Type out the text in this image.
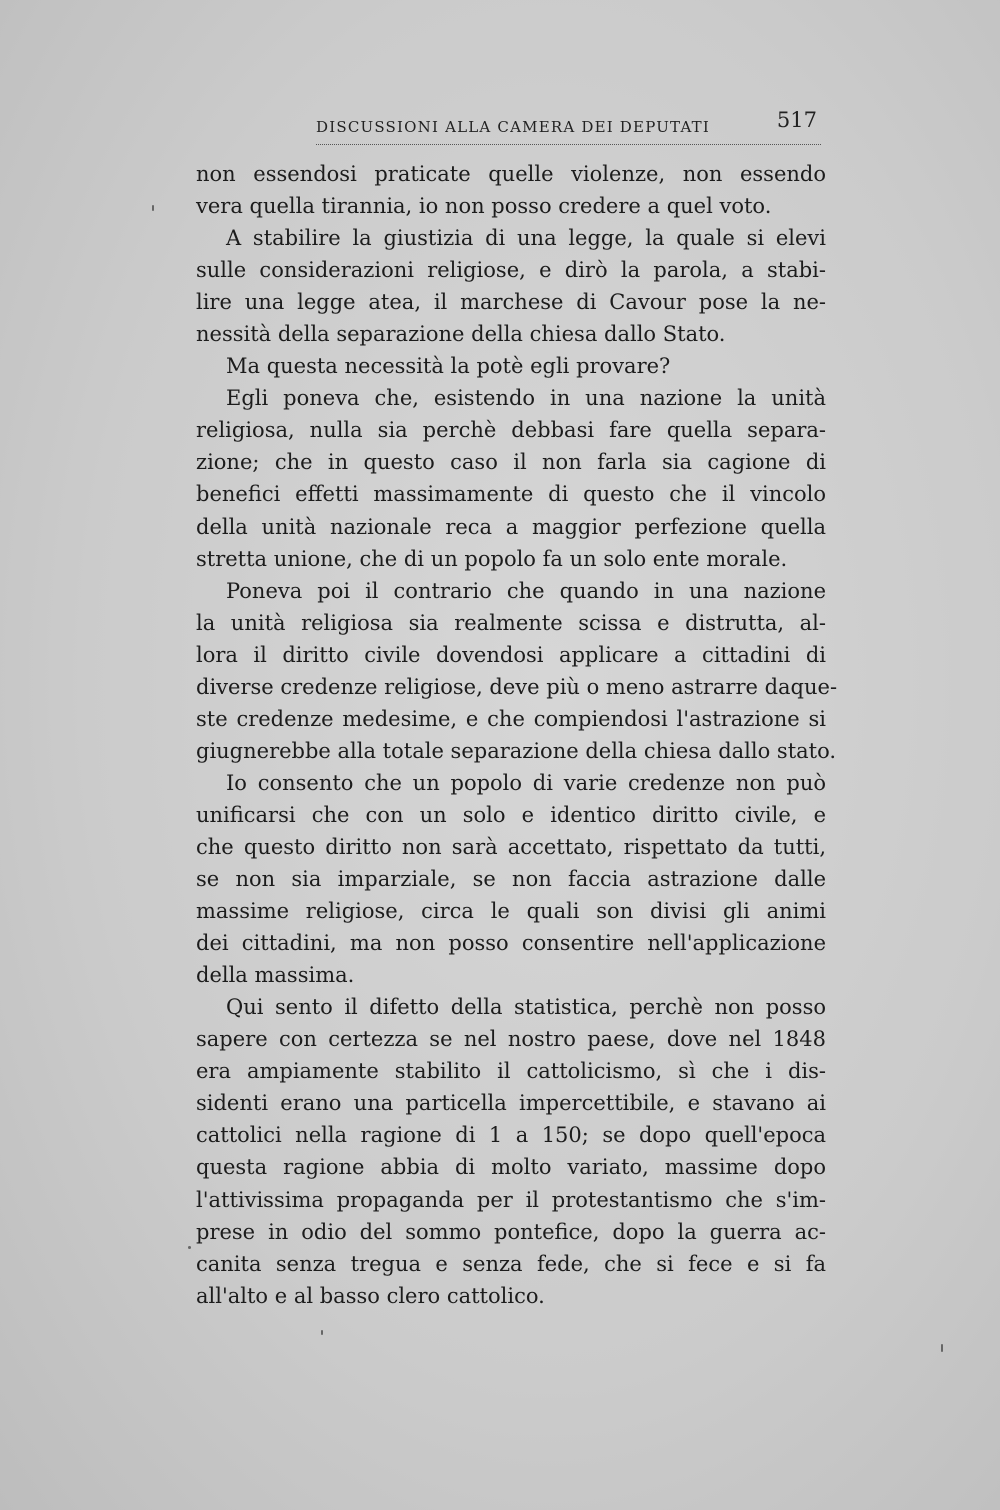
DISCUSSIONI ALLA CAMERA DEI DEPUTATI	517
non essendosi praticate quelle violenze, non essendo
vera quella tirannia, io non posso credere a quel voto.
A stabilire la giustizia di una legge, la quale si elevi
sulle considerazioni religiose, e dirò la parola, a stabi-
lire una legge atea, il marchese di Cavour pose la ne-
nessità della separazione della chiesa dallo Stato.
Ma questa necessità la potè egli provare?
Egli poneva che, esistendo in una nazione la unità
religiosa, nulla sia perchè debbasi fare quella separa-
zione; che in questo caso il non farla sia cagione di
benefici effetti massimamente di questo che il vincolo
della unità nazionale reca a maggior perfezione quella
stretta unione, che di un popolo fa un solo ente morale.
Poneva poi il contrario che quando in una nazione
la unità religiosa sia realmente scissa e distrutta, al-
lora il diritto civile dovendosi applicare a cittadini di
diverse credenze religiose, deve più o meno astrarre daque-
ste credenze medesime, e che compiendosi l'astrazione si
giugnerebbe alla totale separazione della chiesa dallo stato.
Io consento che un popolo di varie credenze non può
unificarsi che con un solo e identico diritto civile, e
che questo diritto non sarà accettato, rispettato da tutti,
se non sia imparziale, se non faccia astrazione dalle
massime religiose, circa le quali son divisi gli animi
dei cittadini, ma non posso consentire nell'applicazione
della massima.
Qui sento il difetto della statistica, perchè non posso
sapere con certezza se nel nostro paese, dove nel 1848
era ampiamente stabilito il cattolicismo, sì che i dis-
sidenti erano una particella impercettibile, e stavano ai
cattolici nella ragione di 1 a 150; se dopo quell'epoca
questa ragione abbia di molto variato, massime dopo
l'attivissima propaganda per il protestantismo che s'im-
prese in odio del sommo pontefice, dopo la guerra ac-
canita senza tregua e senza fede, che si fece e si fa
all'alto e al basso clero cattolico.
